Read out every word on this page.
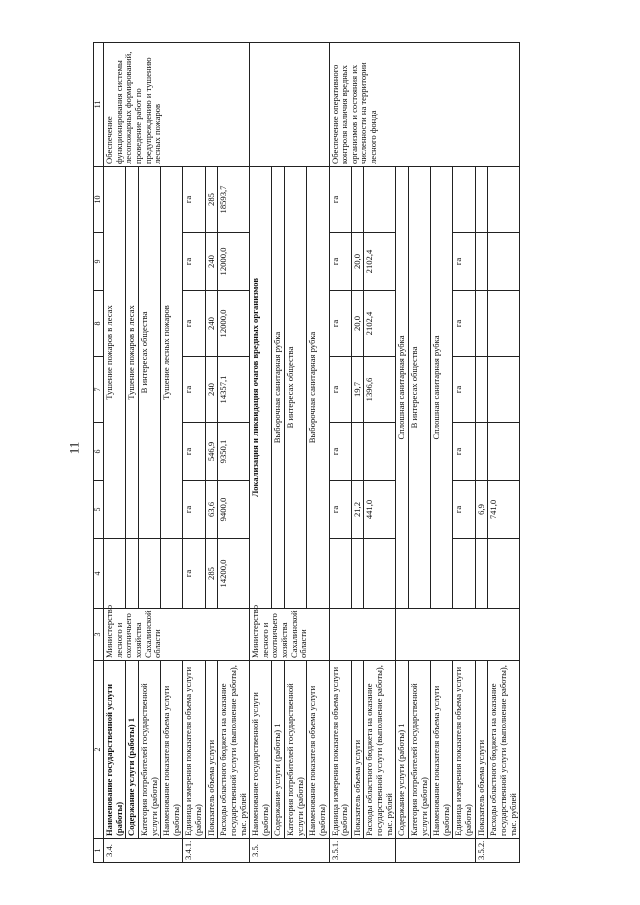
11
1	2	3	4	5	6	7	8	9	10	11
3.4.	Наименование государственной услуги (работы)	Министерство лесного и охотничьего хозяйства Сахалинской области		Тушение пожаров в лесах						Обеспечение функционирования системы лесопожарных формирований, проведение работ по предупреждению и тушению лесных пожаров
	Содержание услуги (работы) 1			Тушение пожаров в лесах						
	Категория потребителей государственной услуги (работы)			В интересах общества						
	Наименование показателя объема услуги (работы)			Тушение лесных пожаров						
3.4.1.	Единица измерения показателя объема услуги (работы)		га	га	га	га	га	га	га	
	Показатель объема услуги		285	63,6	546,9	240	240	240	285	
	Расходы областного бюджета на оказание государственной услуги (выполнение работы), тыс. рублей		14200,0	9400,0	9350,1	14357,1	12000,0	12000,0	18593,7	
3.5.	Наименование государственной услуги (работы)	Министерство лесного и охотничьего хозяйства Сахалинской области	Локализация и ликвидация очагов вредных организмов							
	Содержание услуги (работы) 1		Выборочная санитарная рубка							
	Категория потребителей государственной услуги (работы)		В интересах общества							
	Наименование показателя объема услуги (работы)		Выборочная санитарная рубка							
3.5.1.	Единица измерения показателя объема услуги (работы)			га	га	га	га	га	га	Обеспечение оперативного контроля наличия вредных организмов и состояния их численности на территории лесного фонда
	Показатель объема услуги			21,2		19,7	20,0	20,0		
	Расходы областного бюджета на оказание государственной услуги (выполнение работы), тыс. рублей			441,0		1396,6	2102,4	2102,4		
	Содержание услуги (работы) 1		Сплошная санитарная рубка							
	Категория потребителей государственной услуги (работы)		В интересах общества							
	Наименование показателя объема услуги (работы)		Сплошная санитарная рубка							
	Единица измерения показателя объема услуги (работы)			га	га	га	га	га		
3.5.2.	Показатель объема услуги			6,9						
	Расходы областного бюджета на оказание государственной услуги (выполнение работы), тыс. рублей			741,0						
